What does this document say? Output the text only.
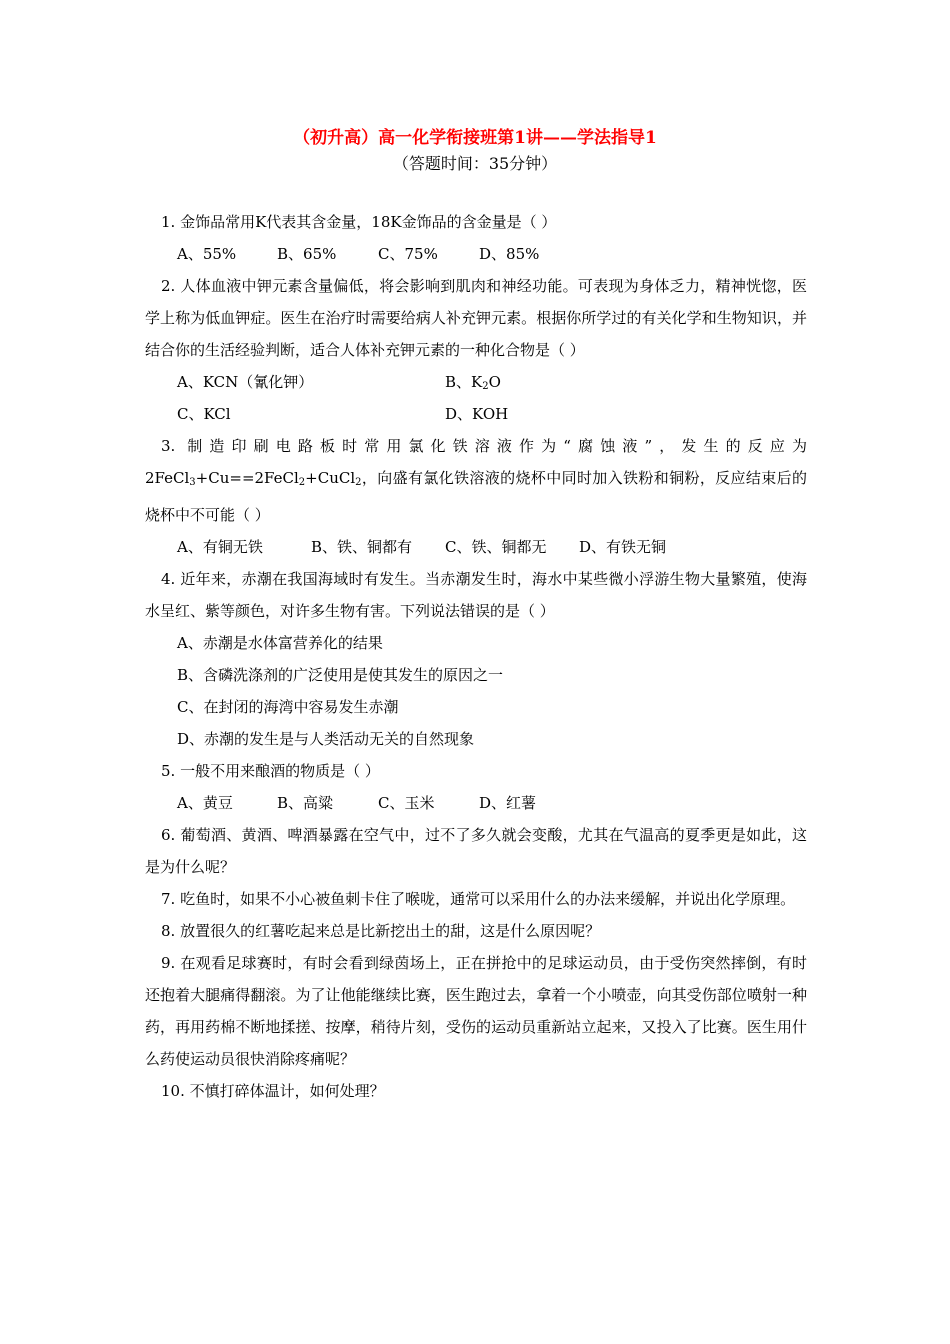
（初升高）高一化学衔接班第1讲——学法指导1
（答题时间：35分钟）

1. 金饰品常用K代表其含金量，18K金饰品的含金量是（ ）

A、55%	B、65%	C、75%	D、85%

2. 人体血液中钾元素含量偏低，将会影响到肌肉和神经功能。可表现为身体乏力，精神恍惚，医学上称为低血钾症。医生在治疗时需要给病人补充钾元素。根据你所学过的有关化学和生物知识，并结合你的生活经验判断，适合人体补充钾元素的一种化合物是（ ）

A、KCN（氰化钾）	B、$K_2O$
C、KCl	D、KOH

3. 制造印刷电路板时常用氯化铁溶液作为“腐蚀液”，发生的反应为2FeCl$_3$+Cu==2FeCl$_2$+CuCl$_2$，向盛有氯化铁溶液的烧杯中同时加入铁粉和铜粉，反应结束后的烧杯中不可能（ ）

A、有铜无铁	B、铁、铜都有	C、铁、铜都无	D、有铁无铜

4. 近年来，赤潮在我国海域时有发生。当赤潮发生时，海水中某些微小浮游生物大量繁殖，使海水呈红、紫等颜色，对许多生物有害。下列说法错误的是（ ）

A、赤潮是水体富营养化的结果
B、含磷洗涤剂的广泛使用是使其发生的原因之一
C、在封闭的海湾中容易发生赤潮
D、赤潮的发生是与人类活动无关的自然现象

5. 一般不用来酿酒的物质是（ ）

A、黄豆	B、高粱	C、玉米	D、红薯

6. 葡萄酒、黄酒、啤酒暴露在空气中，过不了多久就会变酸，尤其在气温高的夏季更是如此，这是为什么呢？

7. 吃鱼时，如果不小心被鱼刺卡住了喉咙，通常可以采用什么的办法来缓解，并说出化学原理。

8. 放置很久的红薯吃起来总是比新挖出土的甜，这是什么原因呢？

9. 在观看足球赛时，有时会看到绿茵场上，正在拼抢中的足球运动员，由于受伤突然摔倒，有时还抱着大腿痛得翻滚。为了让他能继续比赛，医生跑过去，拿着一个小喷壶，向其受伤部位喷射一种药，再用药棉不断地揉搓、按摩，稍待片刻，受伤的运动员重新站立起来，又投入了比赛。医生用什么药使运动员很快消除疼痛呢？

10. 不慎打碎体温计，如何处理？
